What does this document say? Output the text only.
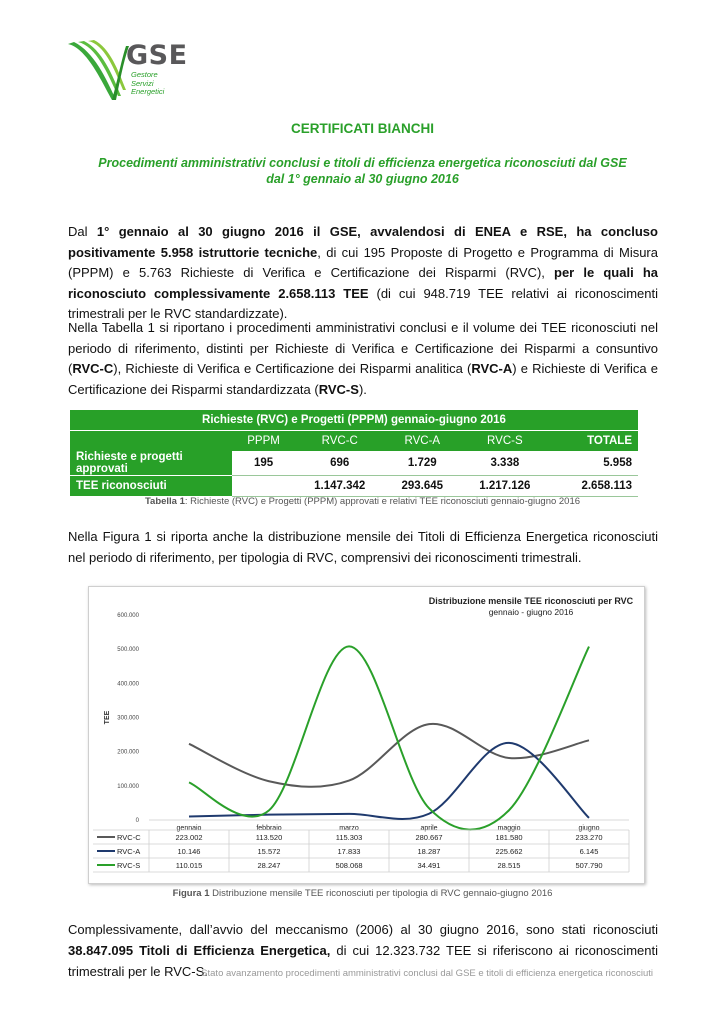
GSE
Gestore
Servizi
Energetici
CERTIFICATI BIANCHI
Procedimenti amministrativi conclusi e titoli di efficienza energetica riconosciuti dal GSE
dal 1° gennaio al 30 giugno 2016
Dal 1° gennaio al 30 giugno 2016 il GSE, avvalendosi di ENEA e RSE, ha concluso positivamente 5.958 istruttorie tecniche, di cui 195 Proposte di Progetto e Programma di Misura (PPPM) e 5.763 Richieste di Verifica e Certificazione dei Risparmi (RVC), per le quali ha riconosciuto complessivamente 2.658.113 TEE (di cui 948.719 TEE relativi ai riconoscimenti trimestrali per le RVC standardizzate).
Nella Tabella 1 si riportano i procedimenti amministrativi conclusi e il volume dei TEE riconosciuti nel periodo di riferimento, distinti per Richieste di Verifica e Certificazione dei Risparmi a consuntivo (RVC-C), Richieste di Verifica e Certificazione dei Risparmi analitica (RVC-A) e Richieste di Verifica e Certificazione dei Risparmi standardizzata (RVC-S).
Richieste (RVC) e Progetti (PPPM) gennaio-giugno 2016					
	PPPM	RVC-C	RVC-A	RVC-S	TOTALE
Richieste e progetti approvati	195	696	1.729	3.338	5.958
TEE riconosciuti		1.147.342	293.645	1.217.126	2.658.113
Tabella 1: Richieste (RVC) e Progetti (PPPM) approvati e relativi TEE riconosciuti gennaio-giugno 2016
Nella Figura 1 si riporta anche la distribuzione mensile dei Titoli di Efficienza Energetica riconosciuti nel periodo di riferimento, per tipologia di RVC, comprensivi dei riconoscimenti trimestrali.
Distribuzione mensile TEE riconosciuti per RVC
gennaio - giugno 2016
0
100.000
200.000
300.000
400.000
500.000
600.000
TEE
gennaio	febbraio	marzo	aprile	maggio	giugno
RVC-C	223.002	113.520	115.303	280.667	181.580	233.270
RVC-A	10.146	15.572	17.833	18.287	225.662	6.145
RVC-S	110.015	28.247	508.068	34.491	28.515	507.790
Figura 1 Distribuzione mensile TEE riconosciuti per tipologia di RVC gennaio-giugno 2016
Complessivamente, dall’avvio del meccanismo (2006) al 30 giugno 2016, sono stati riconosciuti 38.847.095 Titoli di Efficienza Energetica, di cui 12.323.732 TEE si riferiscono ai riconoscimenti trimestrali per le RVC-S.
Stato avanzamento procedimenti amministrativi conclusi dal GSE e titoli di efficienza energetica riconosciuti
